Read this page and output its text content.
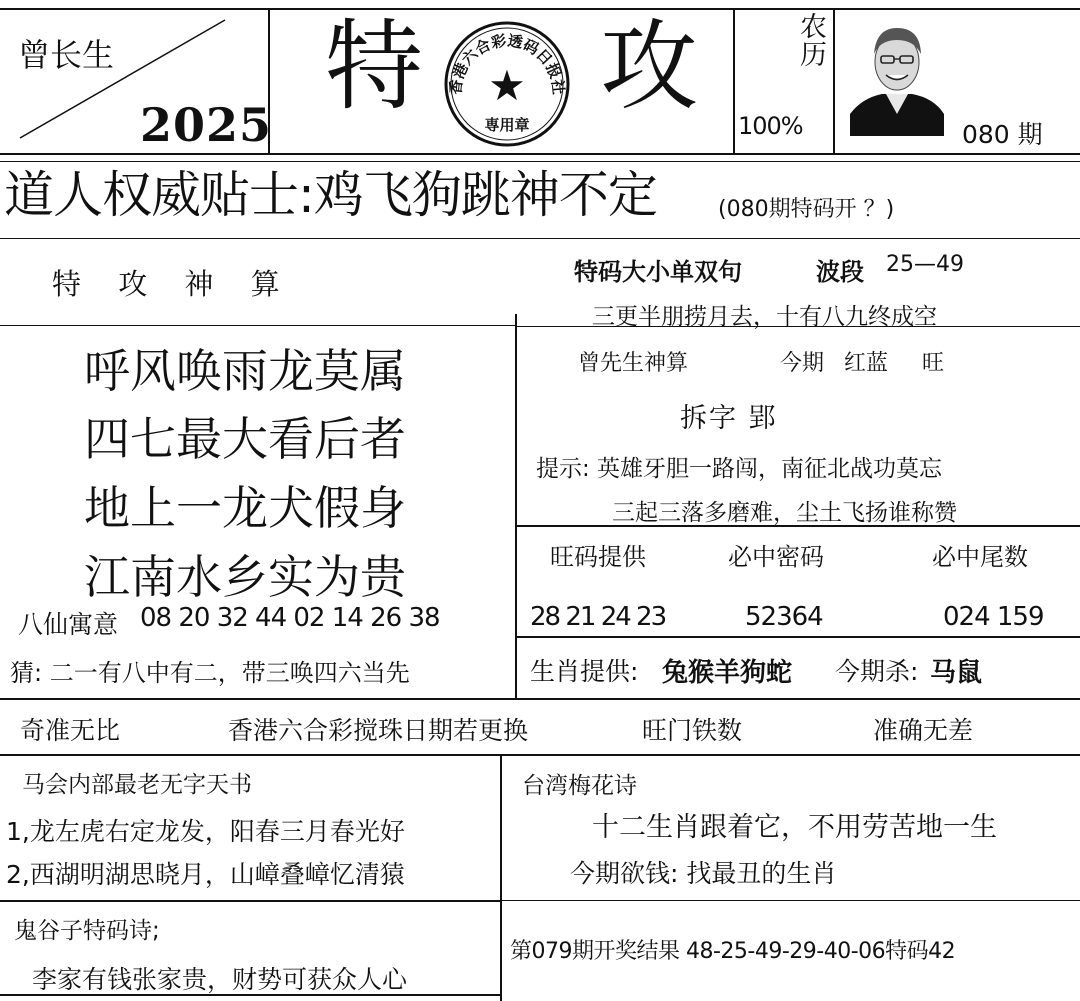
曾长生
2025
特 攻
香港六合彩透码日报社
★
専用章
农历
100%	080 期
道人权威贴士:鸡飞狗跳神不定	(080期特码开 ？)
特 攻 神 算
呼风唤雨龙莫属
四七最大看后者
地上一龙犬假身
江南水乡实为贵
八仙寓意 08 20 32 44 02 14 26 38
猜: 二一有八中有二，带三唤四六当先
特码大小单双句	波段 25—49
三更半朋捞月去，十有八九终成空
曾先生神算	今期 红蓝 旺
拆字 郢
提示: 英雄牙胆一路闯，南征北战功莫忘
三起三落多磨难，尘土飞扬谁称赞
旺码提供	必中密码	必中尾数
28 21 24 23	52364	024 159
生肖提供: 兔猴羊狗蛇 今期杀: 马鼠
奇准无比	香港六合彩搅珠日期若更换	旺门铁数	准确无差
马会内部最老无字天书
1,龙左虎右定龙发，阳春三月春光好
2,西湖明湖思晓月，山嶂叠嶂忆清猿
鬼谷子特码诗;
李家有钱张家贵，财势可获众人心
台湾梅花诗
十二生肖跟着它，不用劳苦地一生
今期欲钱: 找最丑的生肖
第079期开奖结果 48-25-49-29-40-06特码42
